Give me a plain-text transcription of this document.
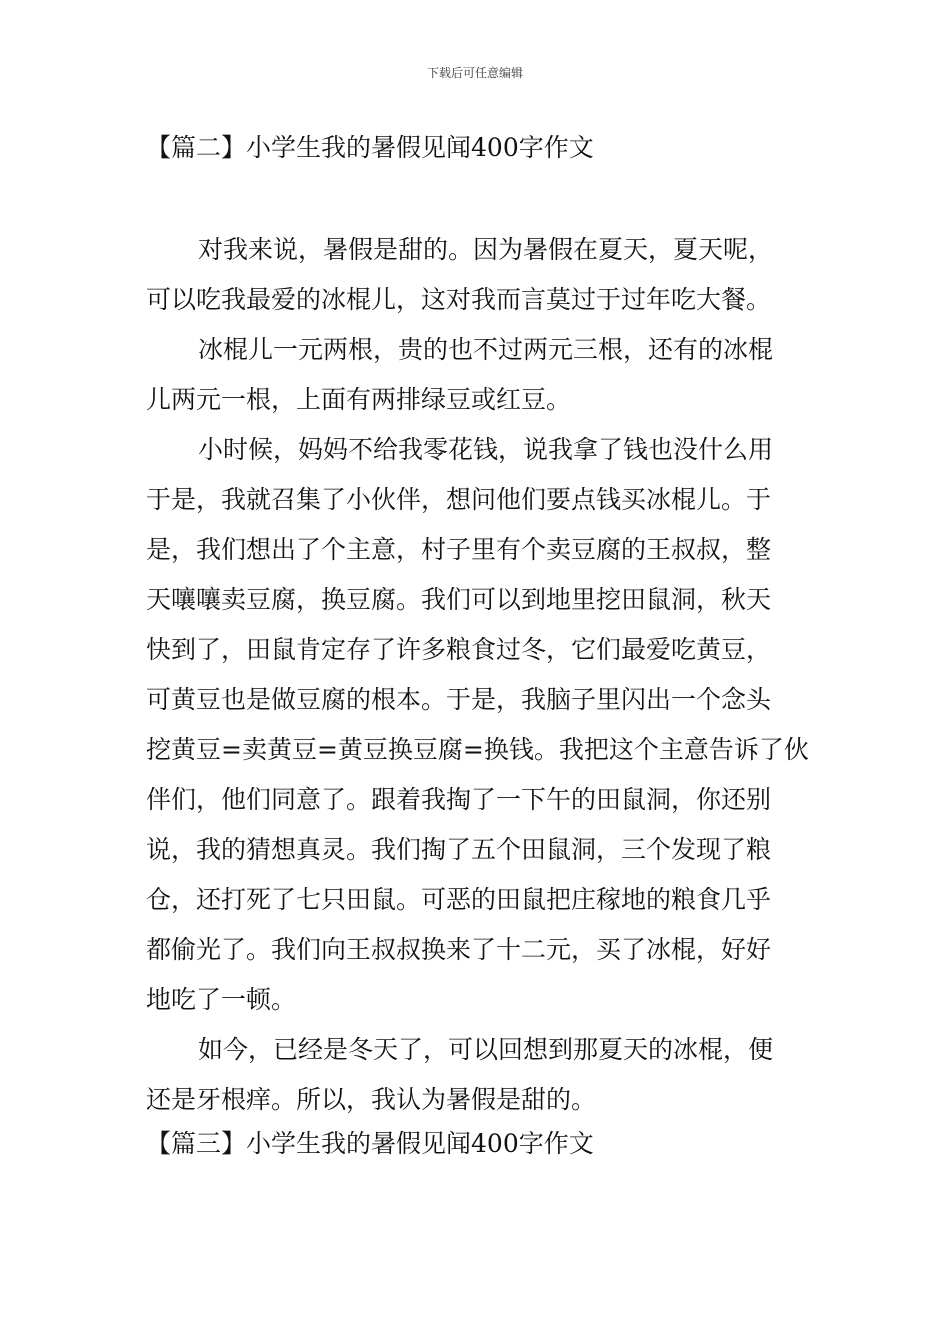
下载后可任意编辑
【篇二】小学生我的暑假见闻400字作文
对我来说，暑假是甜的。因为暑假在夏天，夏天呢，
可以吃我最爱的冰棍儿，这对我而言莫过于过年吃大餐。
冰棍儿一元两根，贵的也不过两元三根，还有的冰棍
儿两元一根，上面有两排绿豆或红豆。
小时候，妈妈不给我零花钱，说我拿了钱也没什么用
于是，我就召集了小伙伴，想问他们要点钱买冰棍儿。于
是，我们想出了个主意，村子里有个卖豆腐的王叔叔，整
天嚷嚷卖豆腐，换豆腐。我们可以到地里挖田鼠洞，秋天
快到了，田鼠肯定存了许多粮食过冬，它们最爱吃黄豆，
可黄豆也是做豆腐的根本。于是，我脑子里闪出一个念头
挖黄豆=卖黄豆=黄豆换豆腐=换钱。我把这个主意告诉了伙
伴们，他们同意了。跟着我掏了一下午的田鼠洞，你还别
说，我的猜想真灵。我们掏了五个田鼠洞，三个发现了粮
仓，还打死了七只田鼠。可恶的田鼠把庄稼地的粮食几乎
都偷光了。我们向王叔叔换来了十二元，买了冰棍，好好
地吃了一顿。
如今，已经是冬天了，可以回想到那夏天的冰棍，便
还是牙根痒。所以，我认为暑假是甜的。
【篇三】小学生我的暑假见闻400字作文
